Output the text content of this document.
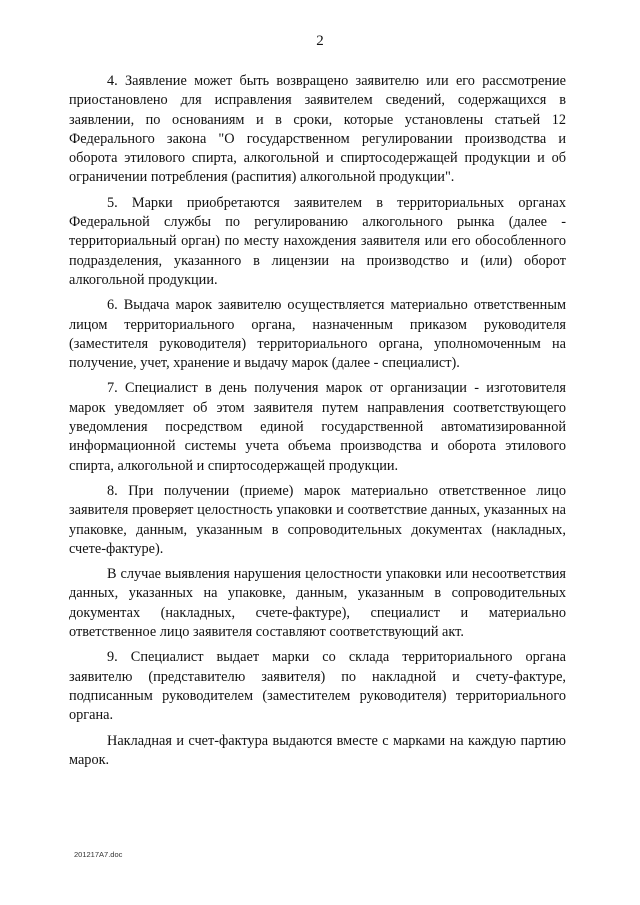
2

4. Заявление может быть возвращено заявителю или его рассмотрение приостановлено для исправления заявителем сведений, содержащихся в заявлении, по основаниям и в сроки, которые установлены статьей 12 Федерального закона "О государственном регулировании производства и оборота этилового спирта, алкогольной и спиртосодержащей продукции и об ограничении потребления (распития) алкогольной продукции".

5. Марки приобретаются заявителем в территориальных органах Федеральной службы по регулированию алкогольного рынка (далее - территориальный орган) по месту нахождения заявителя или его обособленного подразделения, указанного в лицензии на производство и (или) оборот алкогольной продукции.

6. Выдача марок заявителю осуществляется материально ответственным лицом территориального органа, назначенным приказом руководителя (заместителя руководителя) территориального органа, уполномоченным на получение, учет, хранение и выдачу марок (далее - специалист).

7. Специалист в день получения марок от организации - изготовителя марок уведомляет об этом заявителя путем направления соответствующего уведомления посредством единой государственной автоматизированной информационной системы учета объема производства и оборота этилового спирта, алкогольной и спиртосодержащей продукции.

8. При получении (приеме) марок материально ответственное лицо заявителя проверяет целостность упаковки и соответствие данных, указанных на упаковке, данным, указанным в сопроводительных документах (накладных, счете-фактуре).

В случае выявления нарушения целостности упаковки или несоответствия данных, указанных на упаковке, данным, указанным в сопроводительных документах (накладных, счете-фактуре), специалист и материально ответственное лицо заявителя составляют соответствующий акт.

9. Специалист выдает марки со склада территориального органа заявителю (представителю заявителя) по накладной и счету-фактуре, подписанным руководителем (заместителем руководителя) территориального органа.

Накладная и счет-фактура выдаются вместе с марками на каждую партию марок.

201217A7.doc
